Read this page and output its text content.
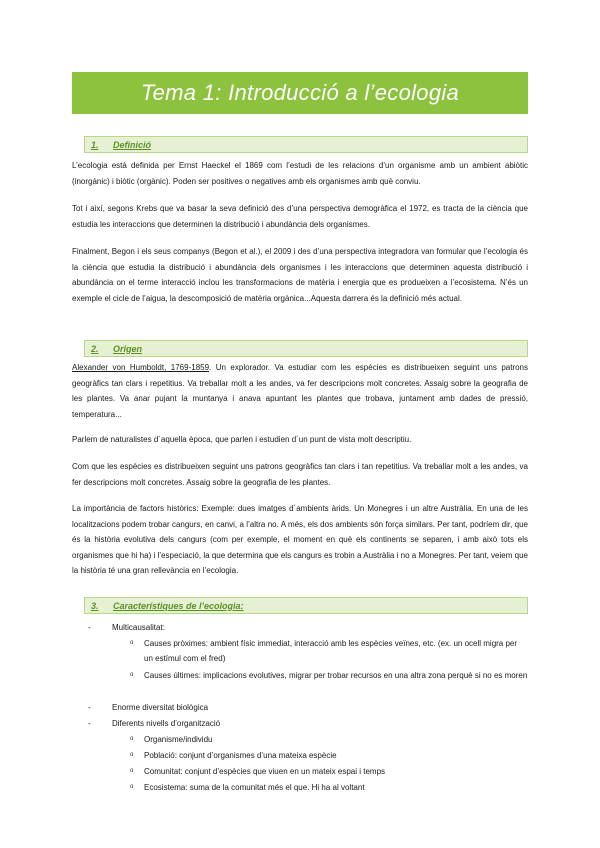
Tema 1: Introducció a l’ecologia
1.	Definició

L’ecologia està definida per Ernst Haeckel el 1869 com l’estudi de les relacions d’un organisme amb un ambient abiòtic (inorgànic) i biòtic (orgànic). Poden ser positives o negatives amb els organismes amb què conviu.

Tot i així, segons Krebs que va basar la seva definició des d’una perspectiva demogràfica el 1972, es tracta de la ciència que estudia les interaccions que determinen la distribució i abundància dels organismes.

Finalment, Begon i els seus companys (Begon et al.), el 2009 i des d’una perspectiva integradora van formular que l’ecologia és la ciència que estudia la distribució i abundància dels organismes i les interaccions que determinen aquesta distribució i abundància on el terme interacció inclou les transformacions de matèria i energia que es produeixen a l’ecosistema. N’és un exemple el cicle de l’aigua, la descomposició de matèria orgànica...Aquesta darrera és la definició més actual.

2.	Origen

Alexander von Humboldt, 1769-1859. Un explorador. Va estudiar com les espècies es distribueixen seguint uns patrons geogràfics tan clars i repetitius. Va treballar molt a les andes, va fer descripcions molt concretes. Assaig sobre la geografia de les plantes. Va anar pujant la muntanya i anava apuntant les plantes que trobava, juntament amb dades de pressió, temperatura...

Parlem de naturalistes d´aquella època, que parlen i estudien d´un punt de vista molt descriptiu.

Com que les espècies es distribueixen seguint uns patrons geogràfics tan clars i tan repetitius. Va treballar molt a les andes, va fer descripcions molt concretes. Assaig sobre la geografia de les plantes.

La importància de factors històrics: Exemple: dues imatges d´ambients àrids. Un Monegres i un altre Austràlia. En una de les localitzacions podem trobar cangurs, en canvi, a l’altra no. A més, els dos ambients són força similars. Per tant, podríem dir, que és la història evolutiva dels cangurs (com per exemple, el moment en què els continents se separen, i amb això tots els organismes que hi ha) i l’especiació, la que determina que els cangurs es trobin a Austràlia i no a Monegres. Per tant, veiem que la història té una gran rellevància en l’ecologia.

3.	Característiques de l’ecologia:
-	Multicausalitat:
o Causes pròximes: ambient físic immediat, interacció amb les espècies veïnes, etc. (ex. un ocell migra per un estímul com el fred)
o Causes últimes: implicacions evolutives, migrar per trobar recursos en una altra zona perquè si no es moren
-	Enorme diversitat biològica
-	Diferents nivells d’organització
o Organisme/individu
o Població: conjunt d’organismes d’una mateixa espècie
o Comunitat: conjunt d’espècies que viuen en un mateix espai i temps
o Ecosistema: suma de la comunitat més el que. Hi ha al voltant
